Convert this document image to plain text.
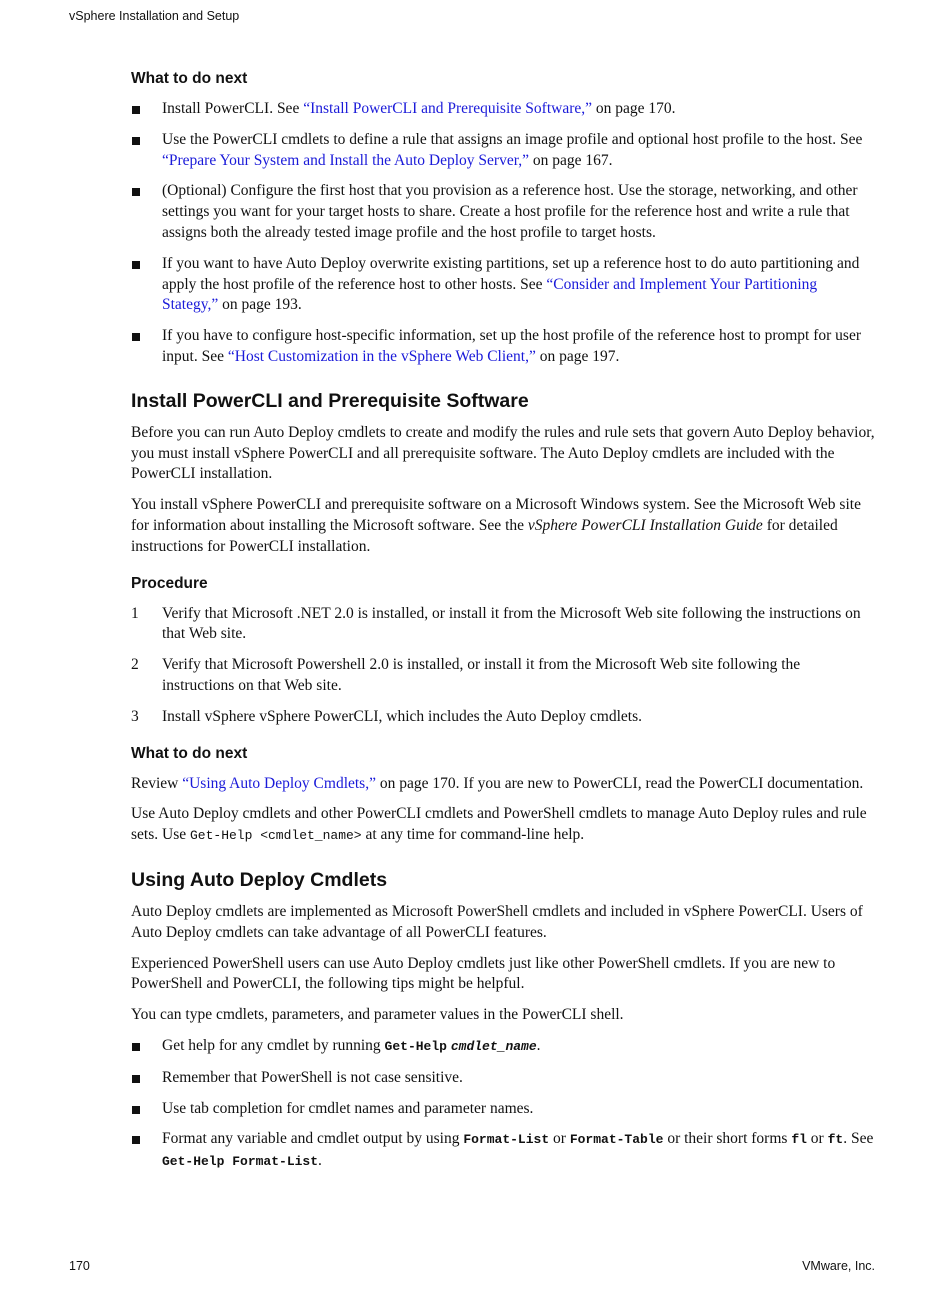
vSphere Installation and Setup
What to do next
Install PowerCLI. See “Install PowerCLI and Prerequisite Software,” on page 170.
Use the PowerCLI cmdlets to define a rule that assigns an image profile and optional host profile to the host. See “Prepare Your System and Install the Auto Deploy Server,” on page 167.
(Optional) Configure the first host that you provision as a reference host. Use the storage, networking, and other settings you want for your target hosts to share. Create a host profile for the reference host and write a rule that assigns both the already tested image profile and the host profile to target hosts.
If you want to have Auto Deploy overwrite existing partitions, set up a reference host to do auto partitioning and apply the host profile of the reference host to other hosts. See “Consider and Implement Your Partitioning Stategy,” on page 193.
If you have to configure host-specific information, set up the host profile of the reference host to prompt for user input. See “Host Customization in the vSphere Web Client,” on page 197.
Install PowerCLI and Prerequisite Software

Before you can run Auto Deploy cmdlets to create and modify the rules and rule sets that govern Auto Deploy behavior, you must install vSphere PowerCLI and all prerequisite software. The Auto Deploy cmdlets are included with the PowerCLI installation.

You install vSphere PowerCLI and prerequisite software on a Microsoft Windows system. See the Microsoft Web site for information about installing the Microsoft software. See the vSphere PowerCLI Installation Guide for detailed instructions for PowerCLI installation.

Procedure
1 Verify that Microsoft .NET 2.0 is installed, or install it from the Microsoft Web site following the instructions on that Web site.
2 Verify that Microsoft Powershell 2.0 is installed, or install it from the Microsoft Web site following the instructions on that Web site.
3 Install vSphere vSphere PowerCLI, which includes the Auto Deploy cmdlets.
What to do next

Review “Using Auto Deploy Cmdlets,” on page 170. If you are new to PowerCLI, read the PowerCLI documentation.

Use Auto Deploy cmdlets and other PowerCLI cmdlets and PowerShell cmdlets to manage Auto Deploy rules and rule sets. Use Get-Help <cmdlet_name> at any time for command-line help.

Using Auto Deploy Cmdlets

Auto Deploy cmdlets are implemented as Microsoft PowerShell cmdlets and included in vSphere PowerCLI. Users of Auto Deploy cmdlets can take advantage of all PowerCLI features.

Experienced PowerShell users can use Auto Deploy cmdlets just like other PowerShell cmdlets. If you are new to PowerShell and PowerCLI, the following tips might be helpful.

You can type cmdlets, parameters, and parameter values in the PowerCLI shell.

Get help for any cmdlet by running Get-Help cmdlet_name.
Remember that PowerShell is not case sensitive.
Use tab completion for cmdlet names and parameter names.
Format any variable and cmdlet output by using Format-List or Format-Table or their short forms fl or ft. See Get-Help Format-List.
170	VMware, Inc.
